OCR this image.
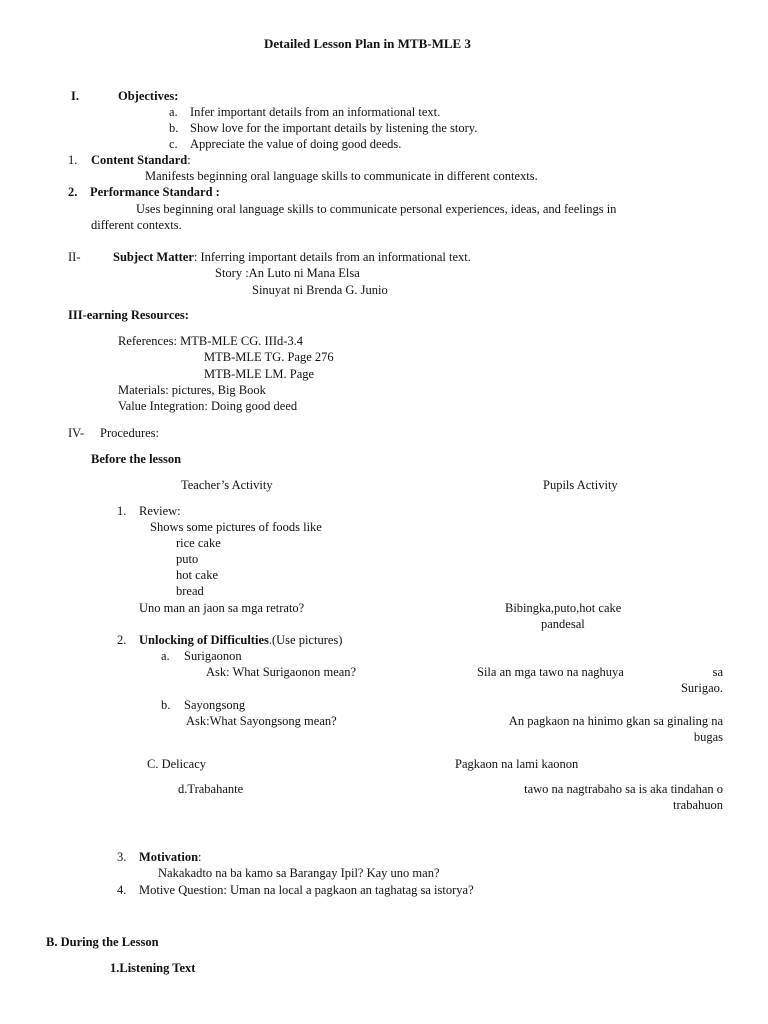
Detailed Lesson Plan in MTB-MLE 3
I.	Objectives:
a. Infer important details from an informational text.
b. Show love for the important details by listening the story.
c. Appreciate the value of doing good deeds.
1. Content Standard:
Manifests beginning oral language skills to communicate in different contexts.
2. Performance Standard :
Uses beginning oral language skills to communicate personal experiences, ideas, and feelings in
different contexts.
II-	Subject Matter: Inferring important details from an informational text.
Story :An Luto ni Mana Elsa
Sinuyat ni Brenda G. Junio
III-earning Resources:
References: MTB-MLE CG. IIId-3.4
MTB-MLE TG. Page 276
MTB-MLE LM. Page
Materials: pictures, Big Book
Value Integration: Doing good deed
IV- Procedures:
Before the lesson
Teacher’s Activity	Pupils Activity
1. Review:
Shows some pictures of foods like
rice cake
puto
hot cake
bread
Uno man an jaon sa mga retrato?	Bibingka,puto,hot cake
pandesal
2. Unlocking of Difficulties.(Use pictures)
a. Surigaonon
Ask: What Surigaonon mean?	Sila an mga tawo na naghuya	sa
Surigao.
b. Sayongsong
Ask:What Sayongsong mean?	An pagkaon na hinimo gkan sa ginaling na
bugas
C. Delicacy	Pagkaon na lami kaonon
d.Trabahante	tawo na nagtrabaho sa is aka tindahan o
trabahuon
3. Motivation:
Nakakadto na ba kamo sa Barangay Ipil? Kay uno man?
4. Motive Question: Uman na local a pagkaon an taghatag sa istorya?
B. During the Lesson
1.Listening Text
